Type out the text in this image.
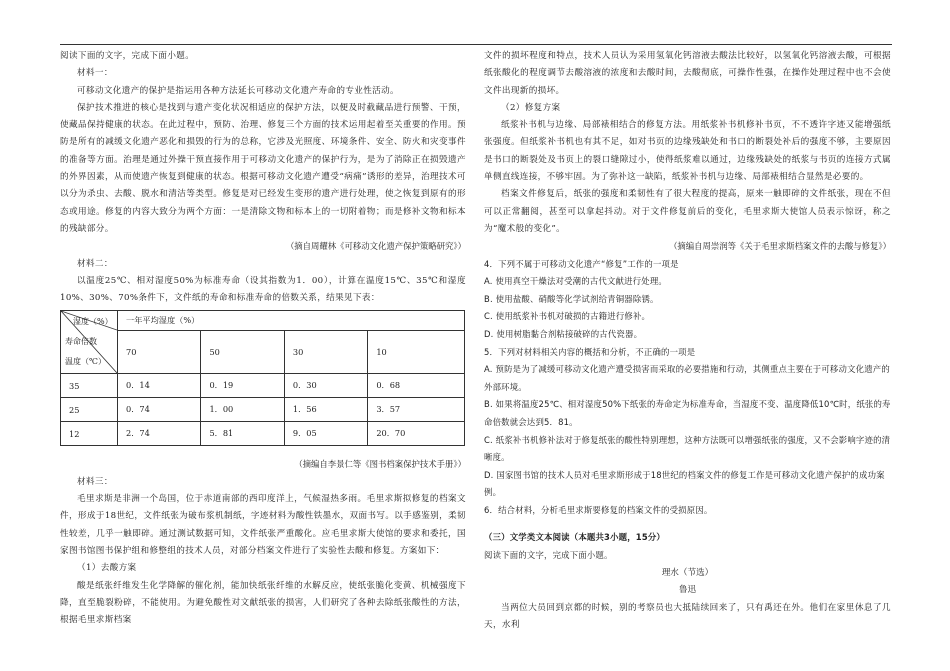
阅读下面的文字，完成下面小题。

材料一：

可移动文化遗产的保护是指运用各种方法延长可移动文化遗产寿命的专业性活动。

保护技术推进的核心是找到与遗产变化状况相适应的保护方法，以便及时截藏品进行预警、干预，使藏品保持健康的状态。在此过程中，预防、治理、修复三个方面的技术运用起着至关重要的作用。预防是所有的减缓文化遗产恶化和损毁的行为的总称，它涉及光照度、环境条件、安全、防火和灾变事件的准备等方面。治理是通过外操干预直接作用于可移动文化遗产的保护行为，是为了消除正在损毁遗产的外界因素，从而使遗产恢复到健康的状态。根据可移动文化遗产遭受“病痛”诱形的差异，治理技术可以分为杀虫、去酸、脱水和清洁等类型。修复是对已经发生变形的遗产进行处理，使之恢复到原有的形态或用途。修复的内容大致分为两个方面：一是清除文物和标本上的一切附着物；而是修补文物和标本的残缺部分。

（摘自周耀林《可移动文化遗产保护策略研究》）

材料二：

以温度25℃、相对湿度50%为标准寿命（设其指数为1．00），计算在温度15℃、35℃和湿度10%、30%、70%条件下，文件纸的寿命和标准寿命的倍数关系，结果见下表：

湿度（%）
寿命倍数
温度（℃）	一年平均湿度（%）			
	70	50	30	10
35	0．14	0．19	0．30	0．68
25	0．74	1．00	1．56	3．57
12	2．74	5．81	9．05	20．70

（摘编自李景仁等《图书档案保护技术手册》）

材料三：

毛里求斯是非洲一个岛国，位于赤道南部的西印度洋上，气候湿热多雨。毛里求斯拟修复的档案文件，形成于18世纪，文件纸张为破布浆机制纸，字迹材料为酸性铁墨水，双面书写。以手感鉴别，柔韧性较差，几乎一触即碎。通过测试数据可知，文件纸张严重酸化。应毛里求斯大使馆的要求和委托，国家图书馆图书保护组和修整组的技术人员，对部分档案文件进行了实验性去酸和修复。方案如下：

（1）去酸方案

酸是纸张纤维发生化学降解的催化剂，能加快纸张纤维的水解反应，使纸张脆化变黄、机械强度下降，直至脆裂粉碎，不能使用。为避免酸性对文献纸张的损害，人们研究了各种去除纸张酸性的方法，根据毛里求斯档案

文件的损坏程度和特点，技术人员认为采用氢氧化钙溶液去酸法比较好，以氢氧化钙溶液去酸，可根据纸张酸化的程度调节去酸溶液的浓度和去酸时间，去酸彻底，可操作性强，在操作处理过程中也不会使文件出现新的损坏。

（2）修复方案

纸浆补书机与边缘、局部裱相结合的修复方法。用纸浆补书机修补书页，不不透许字迹又能增强纸张强度。但纸浆补书机也有其不足，如对书页的边缘残缺处和书口的断裂处补后的强度不够，主要原因是书口的断裂处及书页上的裂口缝隙过小，使得纸浆难以通过，边缘残缺处的纸浆与书页的连接方式属单侧直线连接，不够牢固。为了弥补这一缺陷，纸浆补书机与边缘、局部裱相结合显然是必要的。

档案文件修复后，纸张的强度和柔韧性有了很大程度的提高，原来一触即碎的文件纸张，现在不但可以正常翻阅，甚至可以拿起抖动。对于文件修复前后的变化，毛里求斯大使馆人员表示惊讶，称之为“魔术般的变化”。

（摘编自周崇润等《关于毛里求斯档案文件的去酸与修复》）

4．下列不属于可移动文化遗产“修复”工作的一项是

A. 使用真空干燥法对受潮的古代文献进行处理。

B. 使用盐酸、硝酸等化学试剂给青铜器除锈。

C. 使用纸浆补书机对破损的古籍进行修补。

D. 使用树脂黏合剂粘接破碎的古代瓷器。

5．下列对材料相关内容的概括和分析，不正确的一项是

A. 预防是为了减缓可移动文化遗产遭受损害而采取的必要措施和行动，其侧重点主要在于可移动文化遗产的外部环境。

B. 如果将温度25℃、相对湿度50%下纸张的寿命定为标准寿命，当湿度不变、温度降低10℃时，纸张的寿命倍数就会达到5．81。

C. 纸浆补书机修补法对于修复纸张的酸性特别理想，这种方法既可以增强纸张的强度，又不会影响字迹的清晰度。

D. 国家图书馆的技术人员对毛里求斯形成于18世纪的档案文件的修复工作是可移动文化遗产保护的成功案例。

6．结合材料，分析毛里求斯要修复的档案文件的受损原因。

（三）文学类文本阅读（本题共3小题，15分）

阅读下面的文字，完成下面小题。

理水（节选）

鲁迅

当两位大员回到京都的时候，别的考察员也大抵陆续回来了，只有禹还在外。他们在家里休息了几天，水利
